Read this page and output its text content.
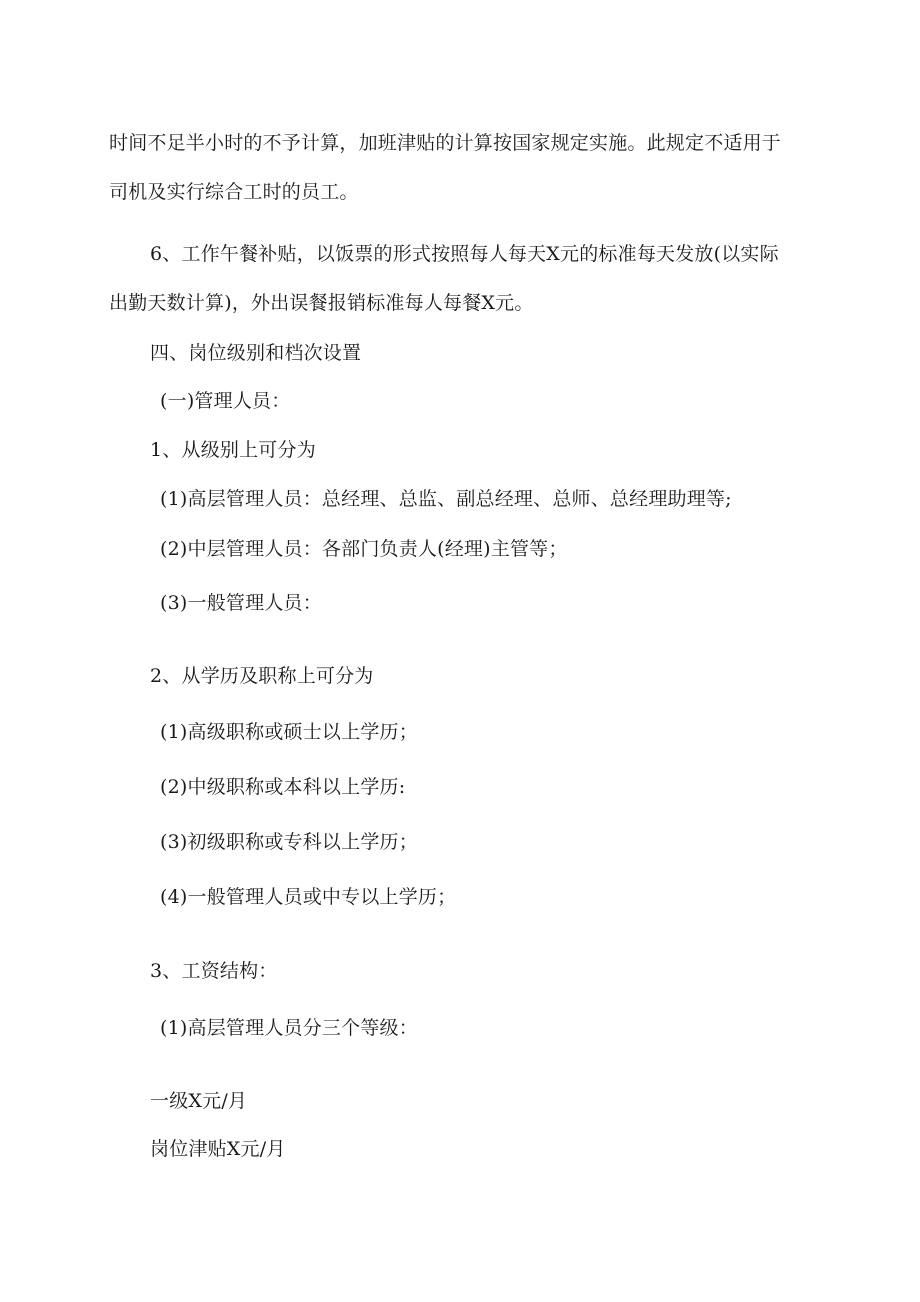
时间不足半小时的不予计算，加班津贴的计算按国家规定实施。此规定不适用于
司机及实行综合工时的员工。
6、工作午餐补贴，以饭票的形式按照每人每天X元的标准每天发放(以实际
出勤天数计算)，外出误餐报销标准每人每餐X元。
四、岗位级别和档次设置
(一)管理人员：
1、从级别上可分为
(1)高层管理人员：总经理、总监、副总经理、总师、总经理助理等;
(2)中层管理人员：各部门负责人(经理)主管等；
(3)一般管理人员：
2、从学历及职称上可分为
(1)高级职称或硕士以上学历；
(2)中级职称或本科以上学历:
(3)初级职称或专科以上学历；
(4)一般管理人员或中专以上学历；
3、工资结构：
(1)高层管理人员分三个等级：
一级X元/月
岗位津贴X元/月
